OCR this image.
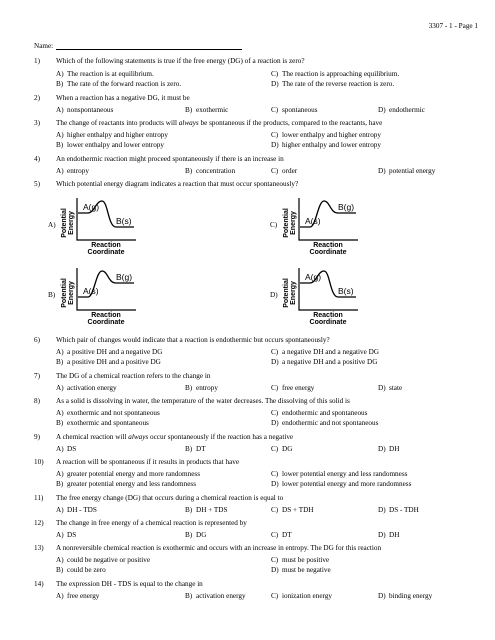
3307 - 1 - Page 1
Name:
1)	Which of the following statements is true if the free energy (DG) of a reaction is zero?
A) The reaction is at equilibrium.	C) The reaction is approaching equilibrium.
B) The rate of the forward reaction is zero.	D) The rate of the reverse reaction is zero.
2)	When a reaction has a negative DG, it must be
A) nonspontaneous	B) exothermic	C) spontaneous	D) endothermic
3)	The change of reactants into products will always be spontaneous if the products, compared to the reactants, have
A) higher enthalpy and higher entropy	C) lower enthalpy and higher entropy
B) lower enthalpy and lower entropy	D) higher enthalpy and lower entropy
4)	An endothermic reaction might proceed spontaneously if there is an increase in
A) entropy	B) concentration	C) order	D) potential energy
5)	Which potential energy diagram indicates a reaction that must occur spontaneously?
A) Potential Energy
A(g)
B(s)
Reaction
Coordinate
C) Potential Energy A(s)
B(g)
Reaction
Coordinate
B) Potential Energy A(s)
B(g)
Reaction
Coordinate
D) Potential Energy
A(g)
B(s)
Reaction
Coordinate
6)	Which pair of changes would indicate that a reaction is endothermic but occurs spontaneously?
A) a positive DH and a negative DG	C) a negative DH and a negative DG
B) a positive DH and a positive DG	D) a negative DH and a positive DG
7)	The DG of a chemical reaction refers to the change in
A) activation energy	B) entropy	C) free energy	D) state
8)	As a solid is dissolving in water, the temperature of the water decreases. The dissolving of this solid is
A) exothermic and not spontaneous	C) endothermic and spontaneous
B) exothermic and spontaneous	D) endothermic and not spontaneous
9)	A chemical reaction will always occur spontaneously if the reaction has a negative
A) DS	B) DT	C) DG	D) DH
10)	A reaction will be spontaneous if it results in products that have
A) greater potential energy and more randomness	C) lower potential energy and less randomness
B) greater potential energy and less randomness	D) lower potential energy and more randomness
11)	The free energy change (DG) that occurs during a chemical reaction is equal to
A) DH - TDS	B) DH + TDS	C) DS + TDH	D) DS - TDH
12)	The change in free energy of a chemical reaction is represented by
A) DS	B) DG	C) DT	D) DH
13)	A nonreversible chemical reaction is exothermic and occurs with an increase in entropy. The DG for this reaction
A) could be negative or positive	C) must be positive
B) could be zero	D) must be negative
14)	The expression DH - TDS is equal to the change in
A) free energy	B) activation energy	C) ionization energy	D) binding energy
